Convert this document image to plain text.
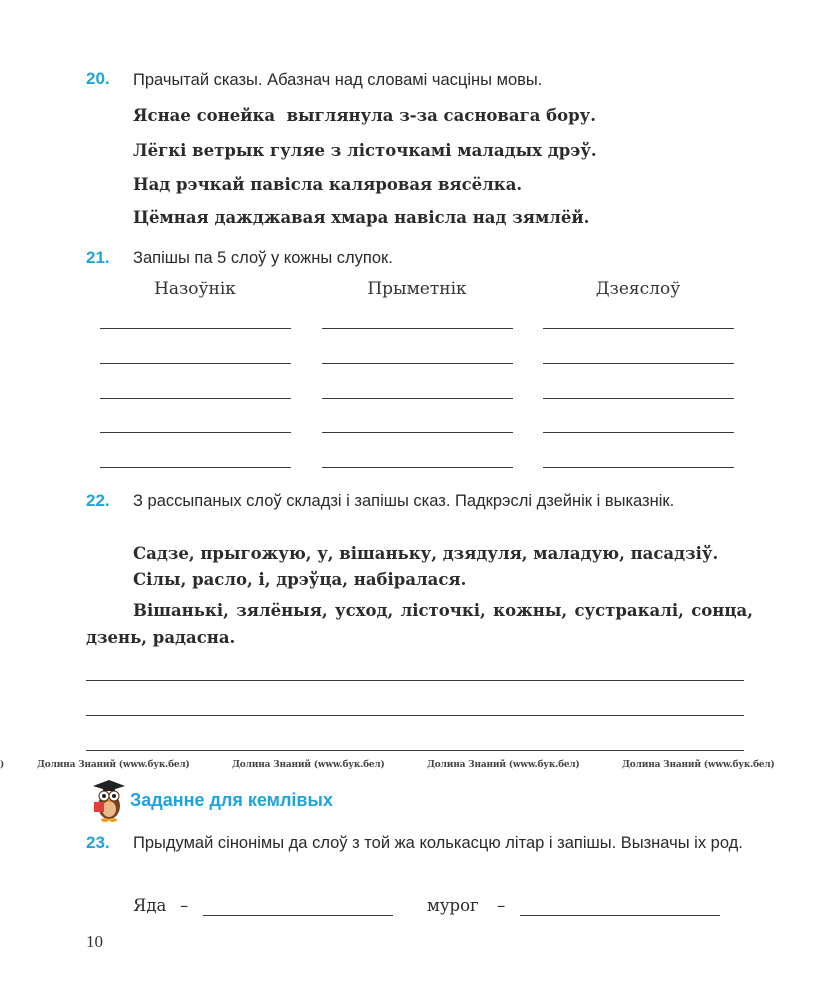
20. Прачытай сказы. Абазнач над словамі часціны мовы.
Яснае сонейка  выглянула з-за сасновага бору.
Лёгкі ветрык гуляе з лісточкамі маладых дрэў.
Над рэчкай павісла каляровая вясёлка.
Цёмная дажджавая хмара навісла над зямлёй.
21. Запішы па 5 слоў у кожны слупок.
Назоўнік	Прыметнік	Дзеяслоў
22. З рассыпаных слоў складзі і запішы сказ. Падкрэслі дзейнік і выказнік.
Садзе, прыгожую, у, вішаньку, дзядуля, маладую, пасадзіў.
Сілы, расло, і, дрэўца, набіралася.
Вішанькі, зялёныя, усход, лісточкі, кожны, сустракалі, сонца, дзень, радасна.
)	Долина Знаний (www.бук.бел)	Долина Знаний (www.бук.бел)	Долина Знаний (www.бук.бел)	Долина Знаний (www.бук.бел)
Заданне для кемлівых
23. Прыдумай сінонімы да слоў з той жа колькасцю літар і запішы. Вызначы іх род.
Яда –	мурог –
10
